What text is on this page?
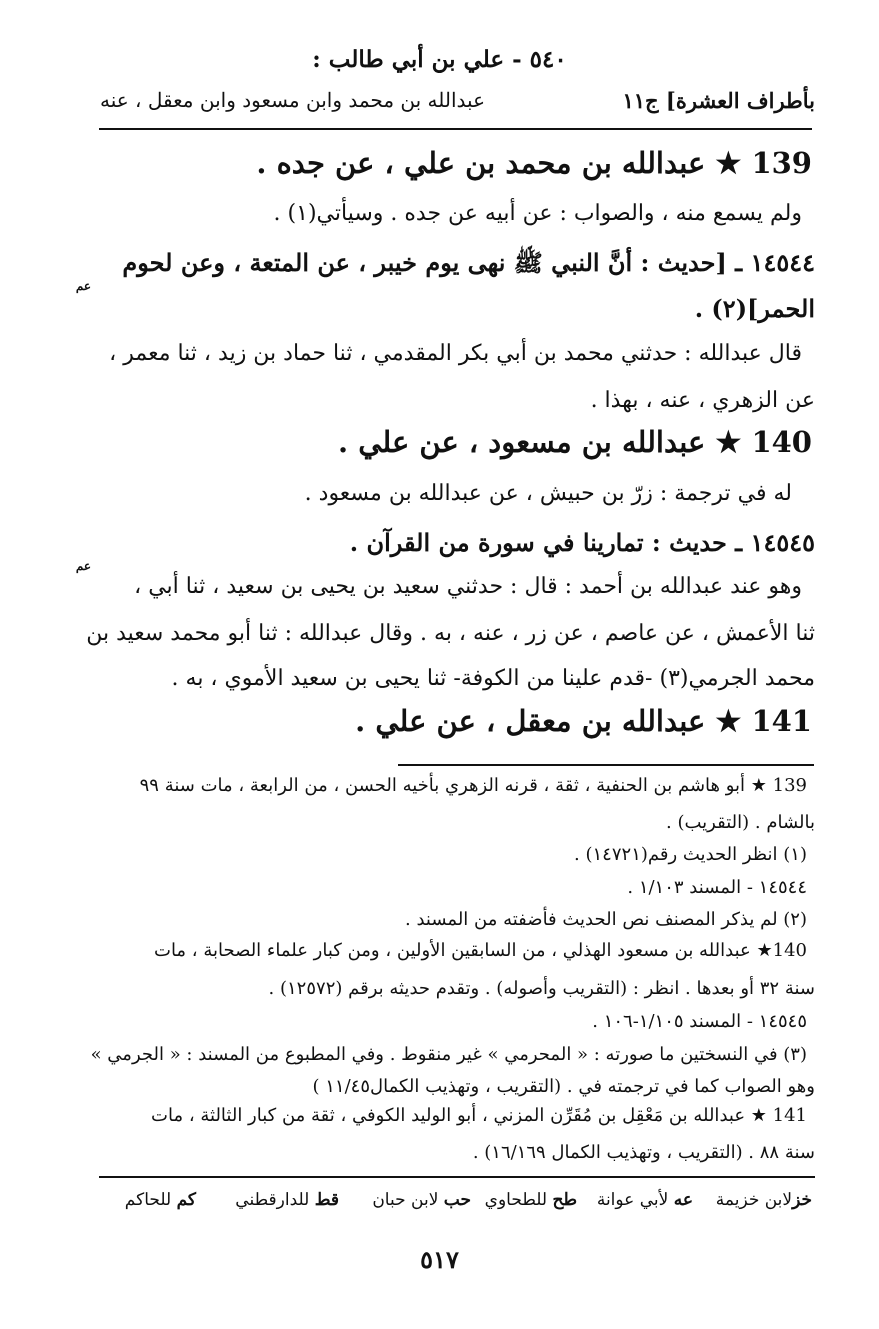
٥٤٠ - علي بن أبي طالب :
بأطراف العشرة] ج١١
عبدالله بن محمد وابن مسعود وابن معقل ، عنه
139 ★ عبدالله بن محمد بن علي ، عن جده .
ولم يسمع منه ، والصواب : عن أبيه عن جده . وسيأتي(١) .
١٤٥٤٤ ـ [حديث : أنَّ النبي ﷺ نهى يوم خيبر ، عن المتعة ، وعن لحوم
عم
الحمر](٢) .
قال عبدالله : حدثني محمد بن أبي بكر المقدمي ، ثنا حماد بن زيد ، ثنا معمر ،
عن الزهري ، عنه ، بهذا .
140 ★ عبدالله بن مسعود ، عن علي .
له في ترجمة : زرّ بن حبيش ، عن عبدالله بن مسعود .
١٤٥٤٥ ـ حديث : تمارينا في سورة من القرآن .
عم
وهو عند عبدالله بن أحمد : قال : حدثني سعيد بن يحيى بن سعيد ، ثنا أبي ،
ثنا الأعمش ، عن عاصم ، عن زر ، عنه ، به . وقال عبدالله : ثنا أبو محمد سعيد بن
محمد الجرمي(٣) -قدم علينا من الكوفة- ثنا يحيى بن سعيد الأموي ، به .
141 ★ عبدالله بن معقل ، عن علي .
139 ★ أبو هاشم بن الحنفية ، ثقة ، قرنه الزهري بأخيه الحسن ، من الرابعة ، مات سنة ٩٩
بالشام . (التقريب) .
(١) انظر الحديث رقم(١٤٧٢١) .
١٤٥٤٤ - المسند ١/١٠٣ .
(٢) لم يذكر المصنف نص الحديث فأضفته من المسند .
140★ عبدالله بن مسعود الهذلي ، من السابقين الأولين ، ومن كبار علماء الصحابة ، مات
سنة ٣٢ أو بعدها . انظر : (التقريب وأصوله) . وتقدم حديثه برقم (١٢٥٧٢) .
١٤٥٤٥ - المسند ١/١٠٥-١٠٦ .
(٣) في النسختين ما صورته : « المحرمي » غير منقوط . وفي المطبوع من المسند : « الجرمي »
وهو الصواب كما في ترجمته في . (التقريب ، وتهذيب الكمال١١/٤٥ )
141 ★ عبدالله بن مَعْقِل بن مُقَرِّن المزني ، أبو الوليد الكوفي ، ثقة من كبار الثالثة ، مات
سنة ٨٨ . (التقريب ، وتهذيب الكمال ١٦/١٦٩) .
خزلابن خزيمة
عه لأبي عوانة
طح للطحاوي
حب لابن حبان
قط للدارقطني
كم للحاكم
٥١٧
